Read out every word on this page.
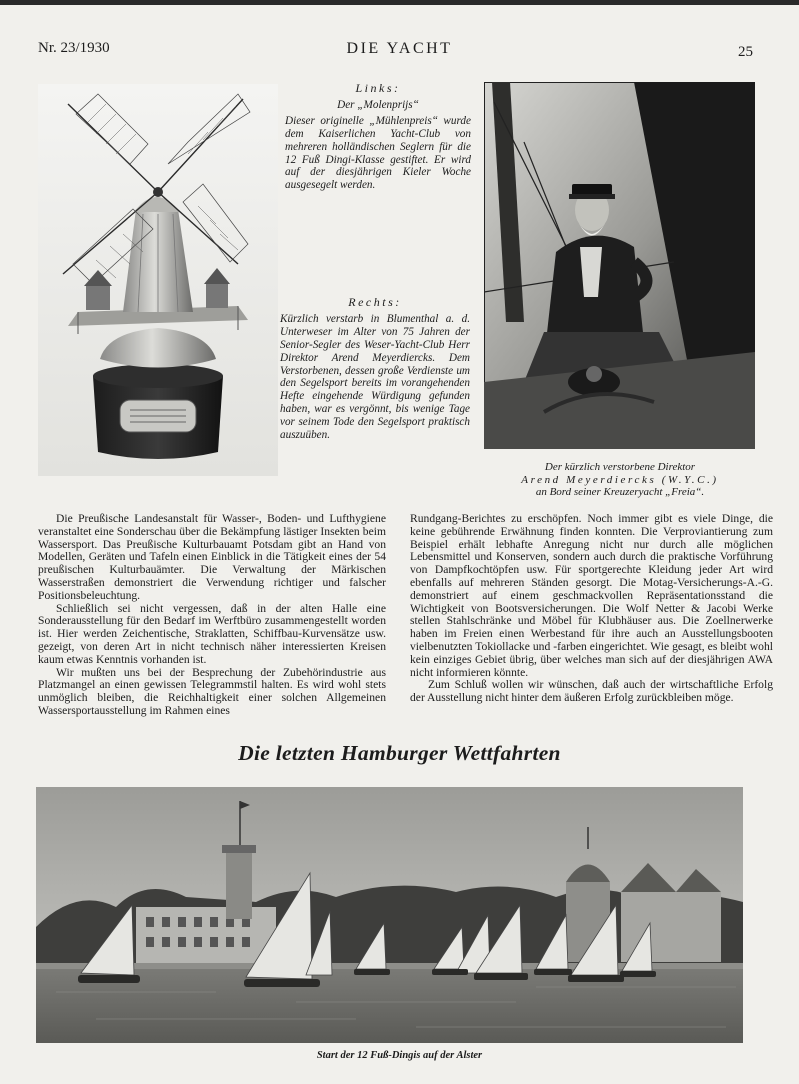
Nr. 23/1930	DIE YACHT	25
Links:
Der „Molenprijs“

Dieser originelle „Mühlenpreis“ wurde dem Kaiserlichen Yacht-Club von mehreren holländischen Seglern für die 12 Fuß Dingi-Klasse gestiftet. Er wird auf der diesjährigen Kieler Woche ausgesegelt werden.

Rechts:

Kürzlich verstarb in Blumenthal a. d. Unterweser im Alter von 75 Jahren der Senior-Segler des Weser-Yacht-Club Herr Direktor Arend Meyerdiercks. Dem Verstorbenen, dessen große Verdienste um den Segelsport bereits im vorangehenden Hefte eingehende Würdigung gefunden haben, war es vergönnt, bis wenige Tage vor seinem Tode den Segelsport praktisch auszuüben.

Der kürzlich verstorbene Direktor
Arend Meyerdiercks (W.Y.C.)
an Bord seiner Kreuzeryacht „Freia“.

Die Preußische Landesanstalt für Wasser-, Boden- und Lufthygiene veranstaltet eine Sonderschau über die Bekämpfung lästiger Insekten beim Wassersport. Das Preußische Kulturbauamt Potsdam gibt an Hand von Modellen, Geräten und Tafeln einen Einblick in die Tätigkeit eines der 54 preußischen Kulturbauämter. Die Verwaltung der Märkischen Wasserstraßen demonstriert die Verwendung richtiger und falscher Positionsbeleuchtung.

Schließlich sei nicht vergessen, daß in der alten Halle eine Sonderausstellung für den Bedarf im Werftbüro zusammengestellt worden ist. Hier werden Zeichentische, Straklatten, Schiffbau-Kurvensätze usw. gezeigt, von deren Art in nicht technisch näher interessierten Kreisen kaum etwas Kenntnis vorhanden ist.

Wir mußten uns bei der Besprechung der Zubehörindustrie aus Platzmangel an einen gewissen Telegrammstil halten. Es wird wohl stets unmöglich bleiben, die Reichhaltigkeit einer solchen Allgemeinen Wassersportausstellung im Rahmen eines

Rundgang-Berichtes zu erschöpfen. Noch immer gibt es viele Dinge, die keine gebührende Erwähnung finden konnten. Die Verproviantierung zum Beispiel erhält lebhafte Anregung nicht nur durch alle möglichen Lebensmittel und Konserven, sondern auch durch die praktische Vorführung von Dampfkochtöpfen usw. Für sportgerechte Kleidung jeder Art wird ebenfalls auf mehreren Ständen gesorgt. Die Motag-Versicherungs-A.-G. demonstriert auf einem geschmackvollen Repräsentationsstand die Wichtigkeit von Bootsversicherungen. Die Wolf Netter & Jacobi Werke stellen Stahlschränke und Möbel für Klubhäuser aus. Die Zoellnerwerke haben im Freien einen Werbestand für ihre auch an Ausstellungsbooten vielbenutzten Tokiollacke und -farben eingerichtet. Wie gesagt, es bleibt wohl kein einziges Gebiet übrig, über welches man sich auf der diesjährigen AWA nicht informieren könnte.

Zum Schluß wollen wir wünschen, daß auch der wirtschaftliche Erfolg der Ausstellung nicht hinter dem äußeren Erfolg zurückbleiben möge.

Die letzten Hamburger Wettfahrten
Start der 12 Fuß-Dingis auf der Alster
